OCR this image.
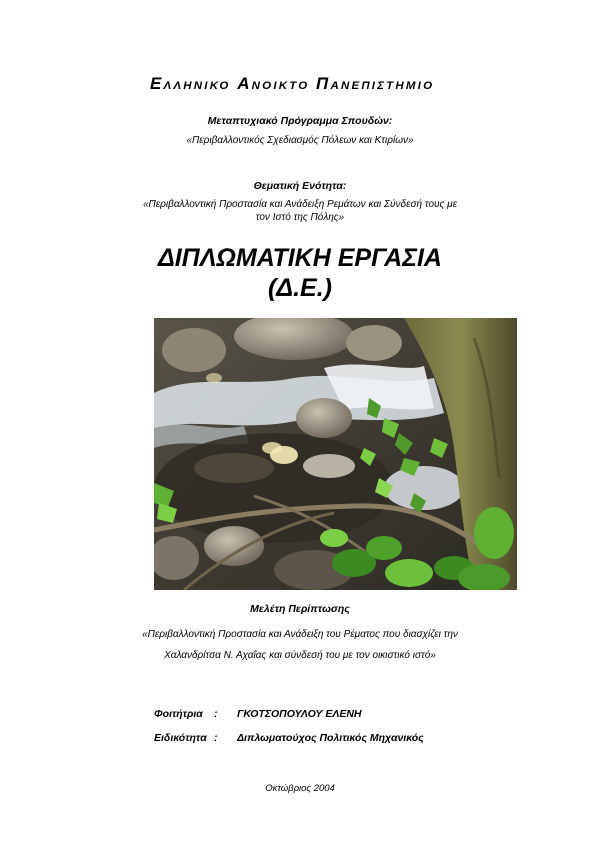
ΕΛΛΗΝΙΚΟ ΑΝΟΙΚΤΟ ΠΑΝΕΠΙΣΤΗΜΙΟ
Μεταπτυχιακό Πρόγραμμα Σπουδών:
«Περιβαλλοντικός Σχεδιασμός Πόλεων και Κτιρίων»
Θεματική Ενότητα:
«Περιβαλλοντική Προστασία και Ανάδειξη Ρεμάτων και Σύνδεσή τους με
τον Ιστό της Πόλης»
ΔΙΠΛΩΜΑΤΙΚΗ ΕΡΓΑΣΙΑ
(Δ.Ε.)
Μελέτη Περίπτωσης
«Περιβαλλοντική Προστασία και Ανάδειξη του Ρέματος που διασχίζει την
Χαλανδρίτσα Ν. Αχαΐας και σύνδεσή του με τον οικιστικό ιστό»
Φοιτήτρια : ΓΚΟΤΣΟΠΟΥΛΟΥ ΕΛΕΝΗ
Ειδικότητα : Διπλωματούχος Πολιτικός Μηχανικός
Οκτώβριος 2004
